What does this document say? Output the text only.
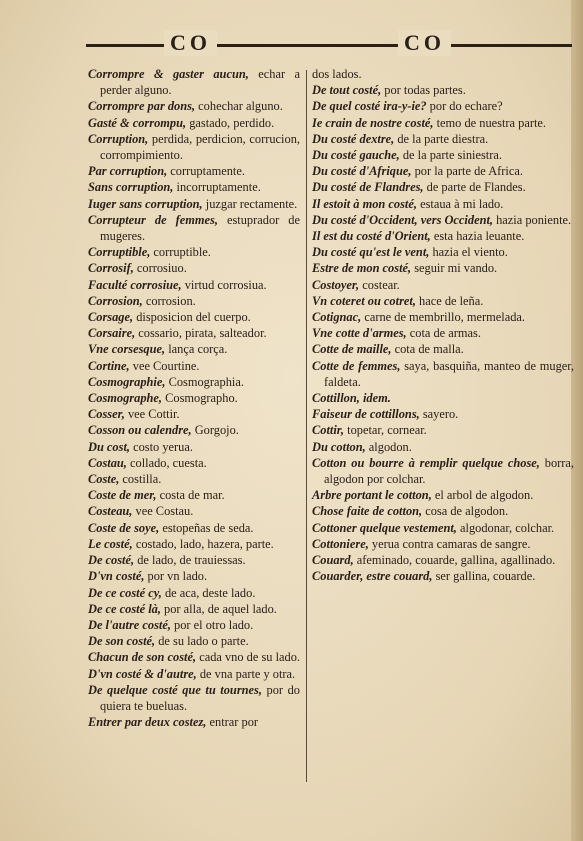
CO	CO

Corrompre & gaster aucun, echar a perder alguno.

Corrompre par dons, cohechar alguno.

Gasté & corrompu, gastado, perdido.

Corruption, perdida, perdicion, corrucion, corrompimiento.

Par corruption, corruptamente.

Sans corruption, incorruptamente.

Iuger sans corruption, juzgar rectamente.

Corrupteur de femmes, estuprador de mugeres.

Corruptible, corruptible.

Corrosif, corrosiuo.

Faculté corrosiue, virtud corrosiua.

Corrosion, corrosion.

Corsage, disposicion del cuerpo.

Corsaire, cossario, pirata, salteador.

Vne corsesque, lança corça.

Cortine, vee Courtine.

Cosmographie, Cosmographia.

Cosmographe, Cosmographo.

Cosser, vee Cottir.

Cosson ou calendre, Gorgojo.

Du cost, costo yerua.

Costau, collado, cuesta.

Coste, costilla.

Coste de mer, costa de mar.

Costeau, vee Costau.

Coste de soye, estopeñas de seda.

Le costé, costado, lado, hazera, parte.

De costé, de lado, de trauiessas.

D'vn costé, por vn lado.

De ce costé cy, de aca, deste lado.

De ce costé là, por alla, de aquel lado.

De l'autre costé, por el otro lado.

De son costé, de su lado o parte.

Chacun de son costé, cada vno de su lado.

D'vn costé & d'autre, de vna parte y otra.

De quelque costé que tu tournes, por do quiera te bueluas.

Entrer par deux costez, entrar por

dos lados.

De tout costé, por todas partes.

De quel costé ira-y-ie? por do echare?

Ie crain de nostre costé, temo de nuestra parte.

Du costé dextre, de la parte diestra.

Du costé gauche, de la parte siniestra.

Du costé d'Afrique, por la parte de Africa.

Du costé de Flandres, de parte de Flandes.

Il estoit à mon costé, estaua à mi lado.

Du costé d'Occident, vers Occident, hazia poniente.

Il est du costé d'Orient, esta hazia leuante.

Du costé qu'est le vent, hazia el viento.

Estre de mon costé, seguir mi vando.

Costoyer, costear.

Vn coteret ou cotret, hace de leña.

Cotignac, carne de membrillo, mermelada.

Vne cotte d'armes, cota de armas.

Cotte de maille, cota de malla.

Cotte de femmes, saya, basquiña, manteo de muger, faldeta.

Cottillon, idem.

Faiseur de cottillons, sayero.

Cottir, topetar, cornear.

Du cotton, algodon.

Cotton ou bourre à remplir quelque chose, borra, algodon por colchar.

Arbre portant le cotton, el arbol de algodon.

Chose faite de cotton, cosa de algodon.

Cottoner quelque vestement, algodonar, colchar.

Cottoniere, yerua contra camaras de sangre.

Couard, afeminado, couarde, gallina, agallinado.

Couarder, estre couard, ser gallina, couarde.
